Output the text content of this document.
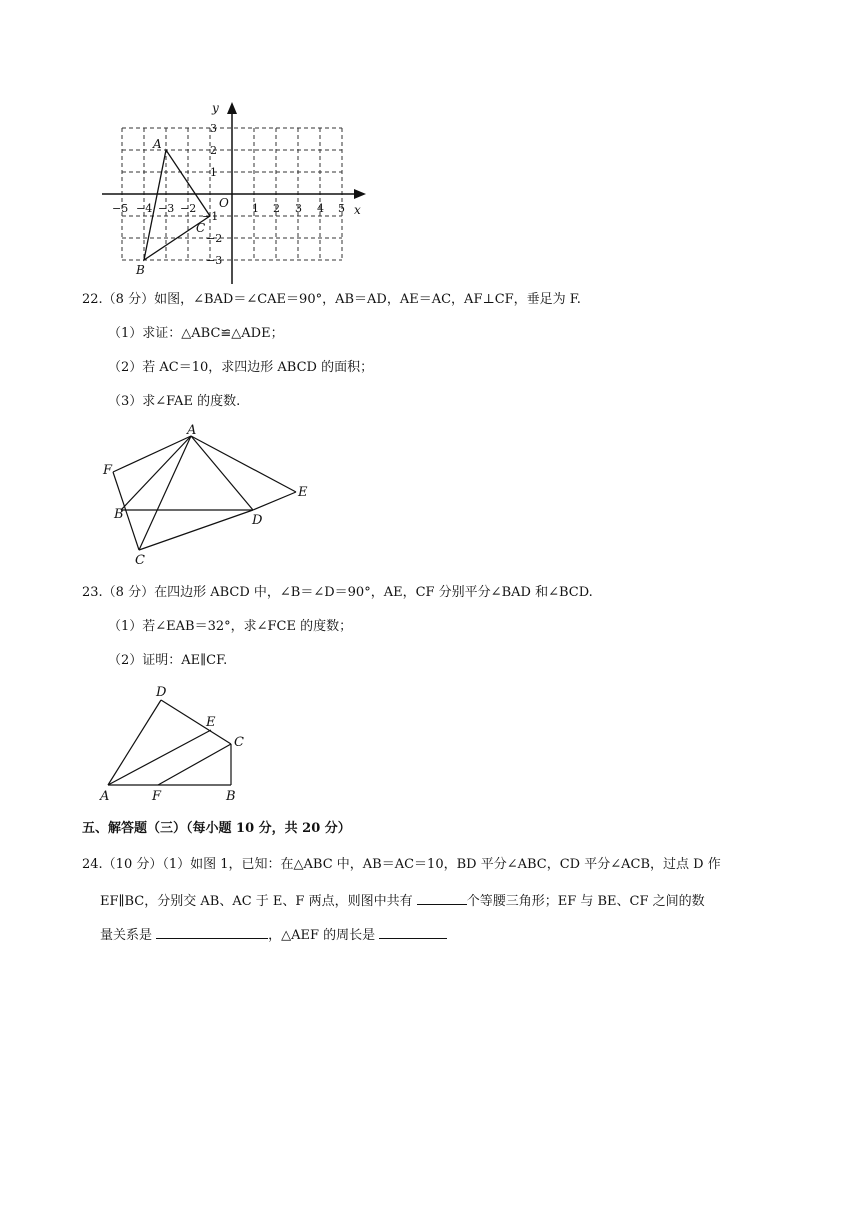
y
x
O
A
B
C
−5 −4 −3 −2
−1
1 2 3 4 5
3
2
1
−2
−3
22.（8 分）如图，∠BAD＝∠CAE＝90°，AB＝AD，AE＝AC，AF⊥CF，垂足为 F.
（1）求证：△ABC≌△ADE；
（2）若 AC＝10，求四边形 ABCD 的面积；
（3）求∠FAE 的度数.
A
F
B
C
D
E
23.（8 分）在四边形 ABCD 中，∠B＝∠D＝90°，AE，CF 分别平分∠BAD 和∠BCD.
（1）若∠EAB＝32°，求∠FCE 的度数；
（2）证明：AE∥CF.
D
E
C
A	F	B
五、解答题（三）（每小题 10 分，共 20 分）
24.（10 分）（1）如图 1，已知：在△ABC 中，AB＝AC＝10，BD 平分∠ABC，CD 平分∠ACB，过点 D 作
EF∥BC，分别交 AB、AC 于 E、F 两点，则图中共有	个等腰三角形；EF 与 BE、CF 之间的数
量关系是	，△AEF 的周长是
